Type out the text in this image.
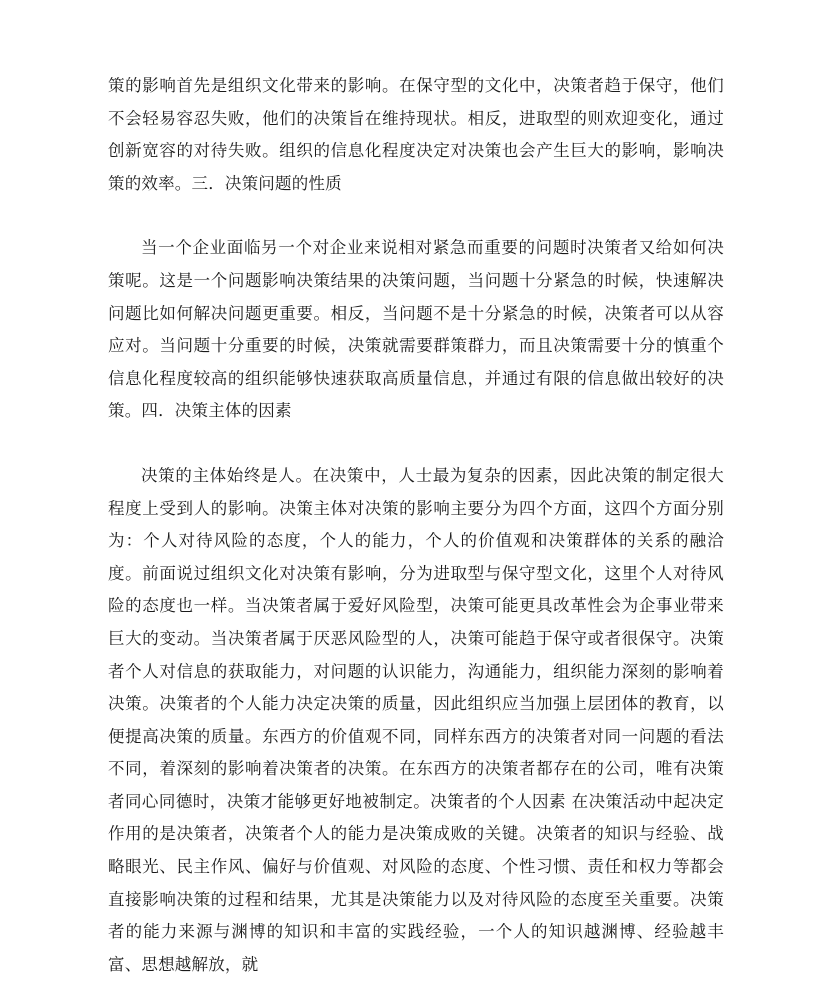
策的影响首先是组织文化带来的影响。在保守型的文化中，决策者趋于保守，他们不会轻易容忍失败，他们的决策旨在维持现状。相反，进取型的则欢迎变化，通过创新宽容的对待失败。组织的信息化程度决定对决策也会产生巨大的影响，影响决策的效率。三．决策问题的性质

当一个企业面临另一个对企业来说相对紧急而重要的问题时决策者又给如何决策呢。这是一个问题影响决策结果的决策问题，当问题十分紧急的时候，快速解决问题比如何解决问题更重要。相反，当问题不是十分紧急的时候，决策者可以从容应对。当问题十分重要的时候，决策就需要群策群力，而且决策需要十分的慎重个信息化程度较高的组织能够快速获取高质量信息，并通过有限的信息做出较好的决策。四．决策主体的因素

决策的主体始终是人。在决策中，人士最为复杂的因素，因此决策的制定很大程度上受到人的影响。决策主体对决策的影响主要分为四个方面，这四个方面分别为：个人对待风险的态度，个人的能力，个人的价值观和决策群体的关系的融洽度。前面说过组织文化对决策有影响，分为进取型与保守型文化，这里个人对待风险的态度也一样。当决策者属于爱好风险型，决策可能更具改革性会为企事业带来巨大的变动。当决策者属于厌恶风险型的人，决策可能趋于保守或者很保守。决策者个人对信息的获取能力，对问题的认识能力，沟通能力，组织能力深刻的影响着决策。决策者的个人能力决定决策的质量，因此组织应当加强上层团体的教育，以便提高决策的质量。东西方的价值观不同，同样东西方的决策者对同一问题的看法不同，着深刻的影响着决策者的决策。在东西方的决策者都存在的公司，唯有决策者同心同德时，决策才能够更好地被制定。决策者的个人因素 在决策活动中起决定作用的是决策者，决策者个人的能力是决策成败的关键。决策者的知识与经验、战略眼光、民主作风、偏好与价值观、对风险的态度、个性习惯、责任和权力等都会直接影响决策的过程和结果，尤其是决策能力以及对待风险的态度至关重要。决策者的能力来源与渊博的知识和丰富的实践经验，一个人的知识越渊博、经验越丰富、思想越解放，就
